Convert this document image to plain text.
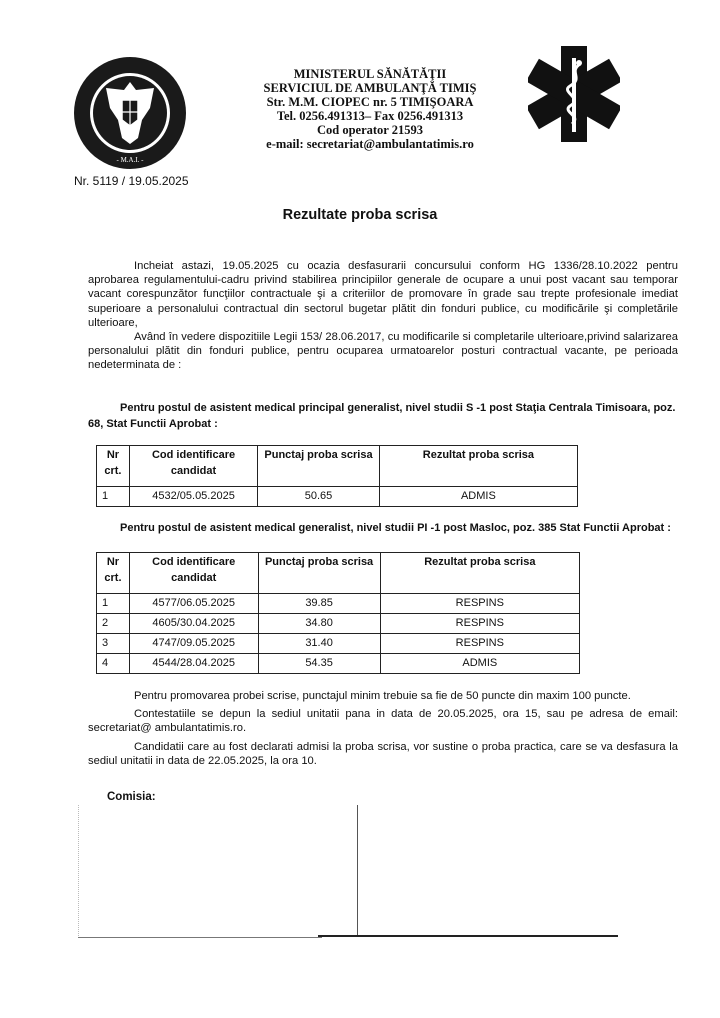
- M.A.I. -
MINISTERUL SĂNĂTĂŢII
SERVICIUL DE AMBULANŢĂ TIMIŞ
Str. M.M. CIOPEC nr. 5 TIMIŞOARA
Tel. 0256.491313– Fax 0256.491313
Cod operator 21593
e-mail: secretariat@ambulantatimis.ro
Nr. 5119 / 19.05.2025
Rezultate proba scrisa
Incheiat astazi, 19.05.2025 cu ocazia desfasurarii concursului conform HG 1336/28.10.2022 pentru aprobarea regulamentului-cadru privind stabilirea principiilor generale de ocupare a unui post vacant sau temporar vacant corespunzător funcţiilor contractuale şi a criteriilor de promovare în grade sau trepte profesionale imediat superioare a personalului contractual din sectorul bugetar plătit din fonduri publice, cu modificările şi completările ulterioare,
Având în vedere dispozitiile Legii 153/ 28.06.2017, cu modificarile si completarile ulterioare,privind salarizarea personalului plătit din fonduri publice, pentru ocuparea urmatoarelor posturi contractual vacante, pe perioada nedeterminata de :
Pentru postul de asistent medical principal generalist, nivel studii S -1 post Staţia Centrala Timisoara, poz. 68, Stat Functii Aprobat :
Nr crt.	Cod identificare candidat	Punctaj proba scrisa	Rezultat proba scrisa
1	4532/05.05.2025	50.65	ADMIS
Pentru postul de asistent medical generalist, nivel studii PI -1 post Masloc, poz. 385 Stat Functii Aprobat :
Nr crt.	Cod identificare candidat	Punctaj proba scrisa	Rezultat proba scrisa
1	4577/06.05.2025	39.85	RESPINS
2	4605/30.04.2025	34.80	RESPINS
3	4747/09.05.2025	31.40	RESPINS
4	4544/28.04.2025	54.35	ADMIS
Pentru promovarea probei scrise, punctajul minim trebuie sa fie de 50 puncte din maxim 100 puncte.
Contestatiile se depun la sediul unitatii pana in data de 20.05.2025, ora 15, sau pe adresa de email: secretariat@ ambulantatimis.ro.
Candidatii care au fost declarati admisi la proba scrisa, vor sustine o proba practica, care se va desfasura la sediul unitatii in data de 22.05.2025, la ora 10.
Comisia:
